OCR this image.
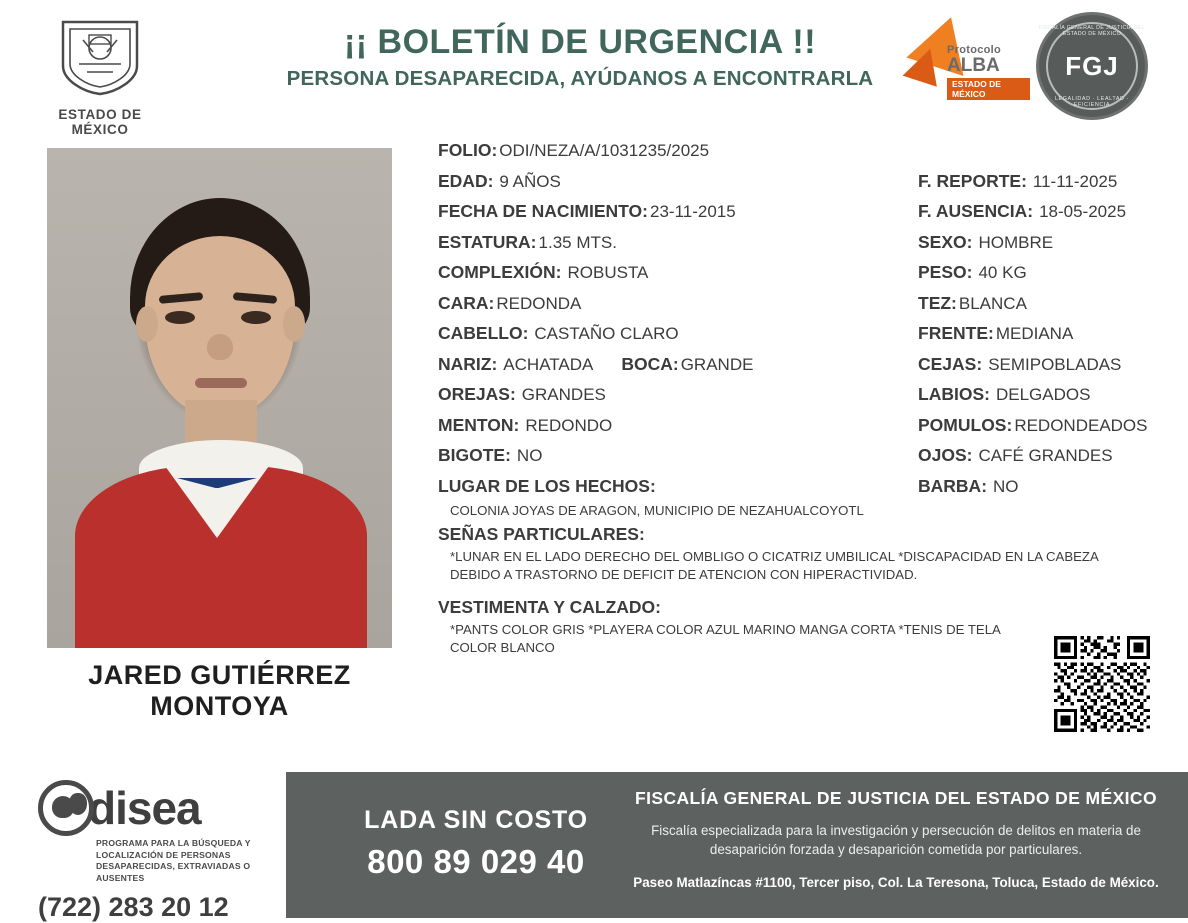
ESTADO DE MÉXICO
¡¡ BOLETÍN DE URGENCIA !!
PERSONA DESAPARECIDA, AYÚDANOS A ENCONTRARLA
Protocolo
ALBA
ESTADO DE MÉXICO
FISCALÍA GENERAL DE JUSTICIA DEL ESTADO DE MÉXICO
FGJ
LEGALIDAD · LEALTAD · EFICIENCIA
JARED GUTIÉRREZ
MONTOYA
FOLIO: ODI/NEZA/A/1031235/2025
EDAD: 9 AÑOS	F. REPORTE: 11-11-2025
FECHA DE NACIMIENTO: 23-11-2015	F. AUSENCIA: 18-05-2025
ESTATURA: 1.35 MTS.	SEXO: HOMBRE
COMPLEXIÓN: ROBUSTA	PESO: 40 KG
CARA: REDONDA	TEZ: BLANCA
CABELLO: CASTAÑO CLARO	FRENTE: MEDIANA
NARIZ: ACHATADA BOCA: GRANDE	CEJAS: SEMIPOBLADAS
OREJAS: GRANDES	LABIOS: DELGADOS
MENTON: REDONDO	POMULOS: REDONDEADOS
BIGOTE: NO	OJOS: CAFÉ GRANDES
LUGAR DE LOS HECHOS:	BARBA: NO
COLONIA JOYAS DE ARAGON, MUNICIPIO DE NEZAHUALCOYOTL
SEÑAS PARTICULARES:
*LUNAR EN EL LADO DERECHO DEL OMBLIGO O CICATRIZ UMBILICAL *DISCAPACIDAD EN LA CABEZA DEBIDO A TRASTORNO DE DEFICIT DE ATENCION CON HIPERACTIVIDAD.
VESTIMENTA Y CALZADO:
*PANTS COLOR GRIS *PLAYERA COLOR AZUL MARINO MANGA CORTA *TENIS DE TELA COLOR BLANCO
disea
PROGRAMA PARA LA BÚSQUEDA Y LOCALIZACIÓN DE PERSONAS DESAPARECIDAS, EXTRAVIADAS O AUSENTES
(722) 283 20 12
LADA SIN COSTO
800 89 029 40
FISCALÍA GENERAL DE JUSTICIA DEL ESTADO DE MÉXICO
Fiscalía especializada para la investigación y persecución de delitos en materia de desaparición forzada y desaparición cometida por particulares.
Paseo Matlazíncas #1100, Tercer piso, Col. La Teresona, Toluca, Estado de México.
